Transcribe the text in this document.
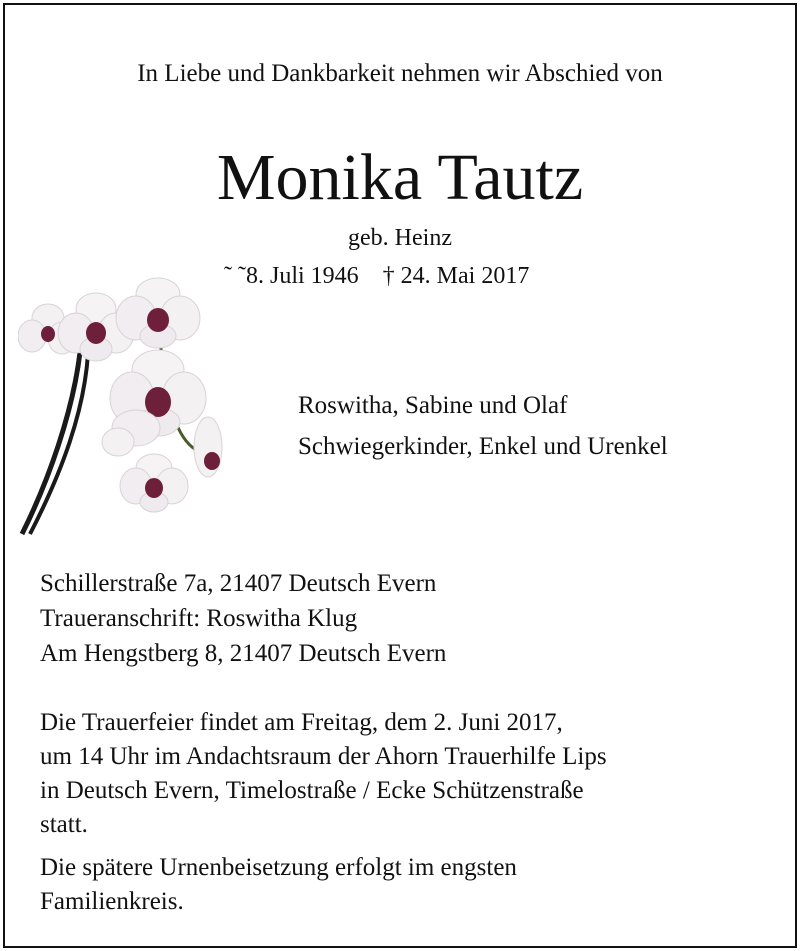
In Liebe und Dankbarkeit nehmen wir Abschied von
Monika Tautz
geb. Heinz
˜ ˜8. Juli 1946 † 24. Mai 2017
Roswitha, Sabine und Olaf
Schwiegerkinder, Enkel und Urenkel
Schillerstraße 7a, 21407 Deutsch Evern
Traueranschrift: Roswitha Klug
Am Hengstberg 8, 21407 Deutsch Evern
Die Trauerfeier findet am Freitag, dem 2. Juni 2017,
um 14 Uhr im Andachtsraum der Ahorn Trauerhilfe Lips
in Deutsch Evern, Timelostraße / Ecke Schützenstraße
statt.
Die spätere Urnenbeisetzung erfolgt im engsten
Familienkreis.
